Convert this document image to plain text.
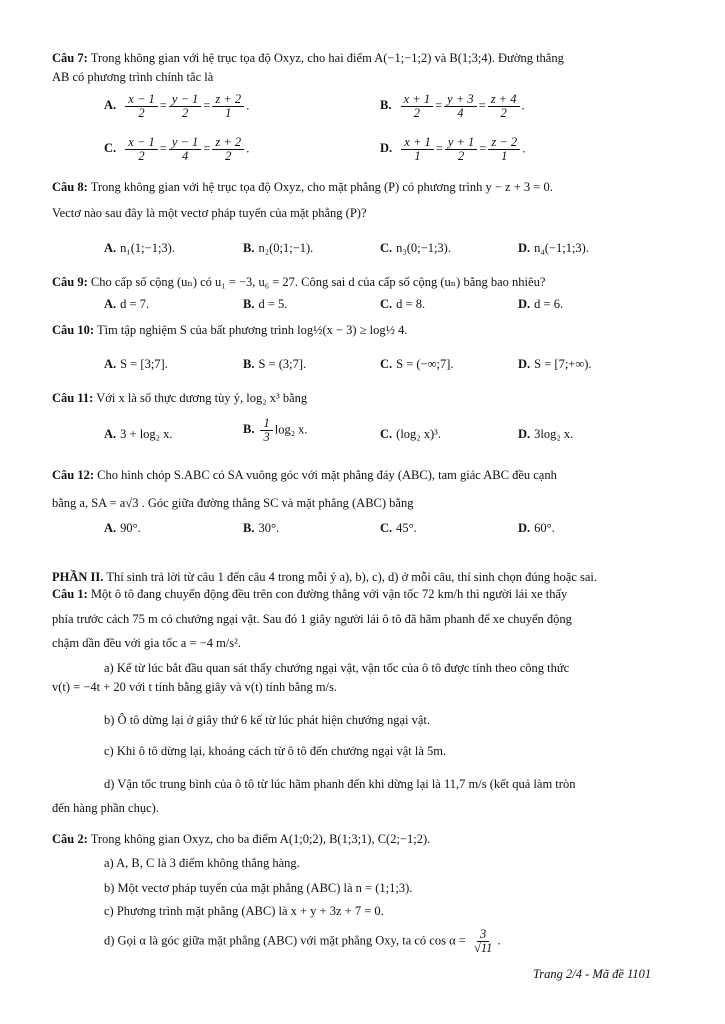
Câu 7: Trong không gian với hệ trục tọa độ Oxyz, cho hai điểm A(−1;−1;2) và B(1;3;4). Đường thẳng
AB có phương trình chính tắc là
A. $\frac{x - 1}{2} = \frac{y - 1}{2} = \frac{z + 2}{1}$ .	B. $\frac{x + 1}{2} = \frac{y + 3}{4} = \frac{z + 4}{2}$ .
C. $\frac{x - 1}{2} = \frac{y - 1}{4} = \frac{z + 2}{2}$ .	D. $\frac{x + 1}{1} = \frac{y + 1}{2} = \frac{z - 2}{1}$ .
Câu 8: Trong không gian với hệ trục tọa độ Oxyz, cho mặt phẳng (P) có phương trình y − z + 3 = 0.
Vectơ nào sau đây là một vectơ pháp tuyến của mặt phẳng (P)?
A. n₁(1;−1;3).	B. n₂(0;1;−1).	C. n₃(0;−1;3).	D. n₄(−1;1;3).
Câu 9: Cho cấp số cộng (uₙ) có u₁ = −3, u₆ = 27. Công sai d của cấp số cộng (uₙ) bằng bao nhiêu?
A. d = 7.	B. d = 5.	C. d = 8.	D. d = 6.
Câu 10: Tìm tập nghiệm S của bất phương trình log½(x − 3) ≥ log½ 4.
A. S = [3;7].	B. S = (3;7].	C. S = (−∞;7].	D. S = [7;+∞).
Câu 11: Với x là số thực dương tùy ý, log₂ x³ bằng
A. 3 + log₂ x.	B. $\frac{1}{3} \log_2$ x.	C. (log₂ x)³.	D. 3log₂ x.
Câu 12: Cho hình chóp S.ABC có SA vuông góc với mặt phẳng đáy (ABC), tam giác ABC đều cạnh
bằng a, SA = a√3 . Góc giữa đường thẳng SC và mặt phẳng (ABC) bằng
A. 90°.	B. 30°.	C. 45°.	D. 60°.
PHẦN II. Thí sinh trả lời từ câu 1 đến câu 4 trong mỗi ý a), b), c), d) ở mỗi câu, thí sinh chọn đúng hoặc sai.
Câu 1: Một ô tô đang chuyển động đều trên con đường thẳng với vận tốc 72 km/h thì người lái xe thấy
phía trước cách 75 m có chướng ngại vật. Sau đó 1 giây người lái ô tô đã hãm phanh để xe chuyển động
chậm dần đều với gia tốc a = −4 m/s².
a) Kể từ lúc bắt đầu quan sát thấy chướng ngại vật, vận tốc của ô tô được tính theo công thức
v(t) = −4t + 20 với t tính bằng giây và v(t) tính bằng m/s.
b) Ô tô dừng lại ở giây thứ 6 kể từ lúc phát hiện chướng ngại vật.
c) Khi ô tô dừng lại, khoảng cách từ ô tô đến chướng ngại vật là 5m.
d) Vận tốc trung bình của ô tô từ lúc hãm phanh đến khi dừng lại là 11,7 m/s (kết quả làm tròn
đến hàng phần chục).
Câu 2: Trong không gian Oxyz, cho ba điểm A(1;0;2), B(1;3;1), C(2;−1;2).
a) A, B, C là 3 điểm không thẳng hàng.
b) Một vectơ pháp tuyến của mặt phẳng (ABC) là n = (1;1;3).
c) Phương trình mặt phẳng (ABC) là x + y + 3z + 7 = 0.
d) Gọi α là góc giữa mặt phẳng (ABC) với mặt phẳng Oxy, ta có $\cos \alpha = \frac{3}{√11}$ .
Trang 2/4 - Mã đề 1101
